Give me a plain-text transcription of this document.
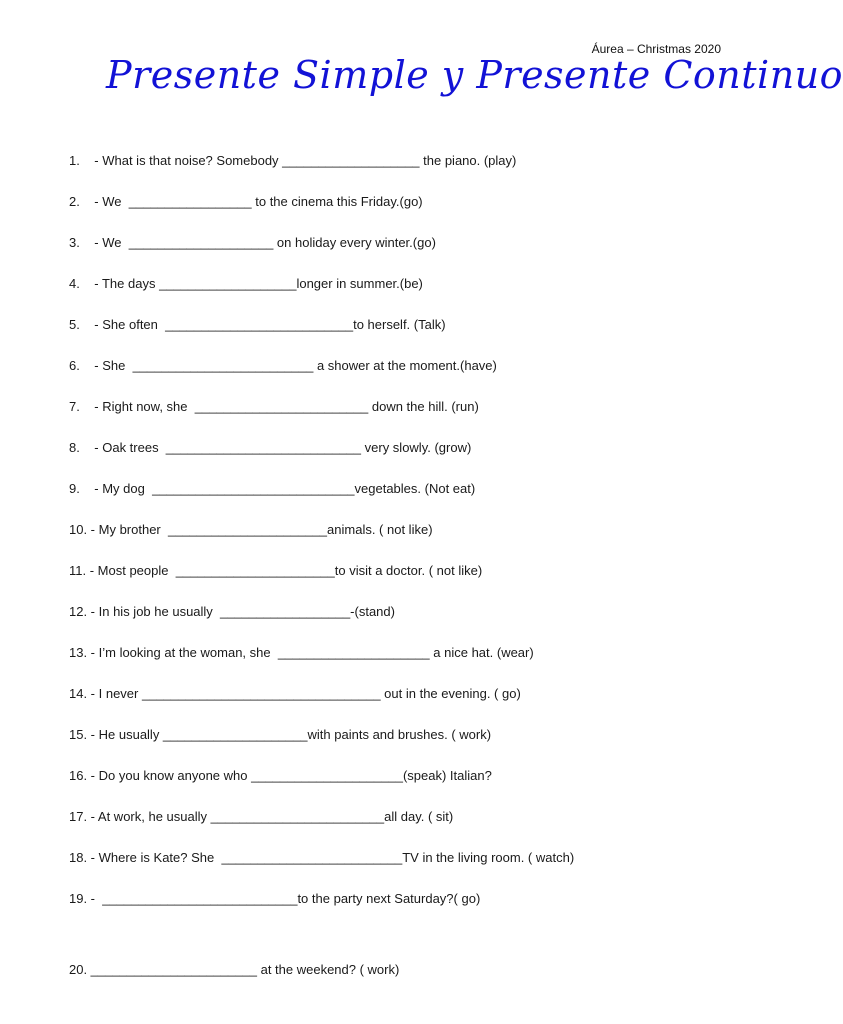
Áurea – Christmas 2020
Presente Simple y Presente Continuo
1.    - What is that noise? Somebody ___________________ the piano. (play)
2.    - We  _________________ to the cinema this Friday.(go)
3.    - We  ____________________ on holiday every winter.(go)
4.    - The days ___________________longer in summer.(be)
5.    - She often  __________________________to herself. (Talk)
6.    - She  _________________________ a shower at the moment.(have)
7.    - Right now, she  ________________________ down the hill. (run)
8.    - Oak trees  ___________________________ very slowly. (grow)
9.    - My dog  ____________________________vegetables. (Not eat)
10. - My brother  ______________________animals. ( not like)
11. - Most people  ______________________to visit a doctor. ( not like)
12. - In his job he usually  __________________-(stand)
13. - I’m looking at the woman, she  _____________________ a nice hat. (wear)
14. - I never _________________________________ out in the evening. ( go)
15. - He usually ____________________with paints and brushes. ( work)
16. - Do you know anyone who _____________________(speak) Italian?
17. - At work, he usually ________________________all day. ( sit)
18. - Where is Kate? She  _________________________TV in the living room. ( watch)
19. -  ___________________________to the party next Saturday?( go)
20. _______________________ at the weekend? ( work)
